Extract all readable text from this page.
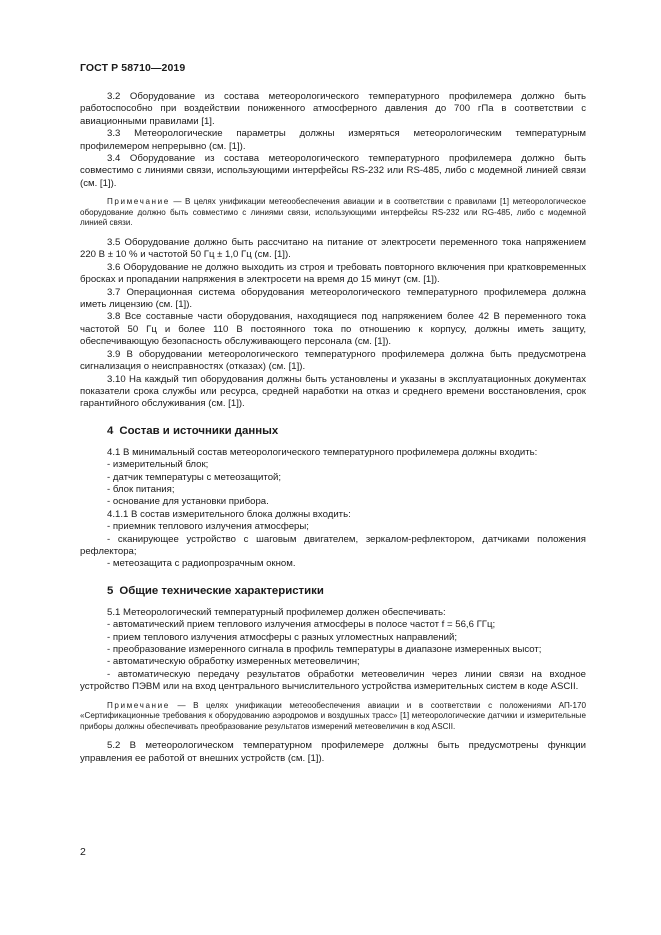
ГОСТ Р 58710—2019

3.2 Оборудование из состава метеорологического температурного профилемера должно быть работоспособно при воздействии пониженного атмосферного давления до 700 гПа в соответствии с авиационными правилами [1].

3.3 Метеорологические параметры должны измеряться метеорологическим температурным профилемером непрерывно (см. [1]).

3.4 Оборудование из состава метеорологического температурного профилемера должно быть совместимо с линиями связи, использующими интерфейсы RS-232 или RS-485, либо с модемной линией связи (см. [1]).

Примечание — В целях унификации метеообеспечения авиации и в соответствии с правилами [1] метеорологическое оборудование должно быть совместимо с линиями связи, использующими интерфейсы RS-232 или RG-485, либо с модемной линией связи.

3.5 Оборудование должно быть рассчитано на питание от электросети переменного тока напряжением 220 В ± 10 % и частотой 50 Гц ± 1,0 Гц (см. [1]).

3.6 Оборудование не должно выходить из строя и требовать повторного включения при кратковременных бросках и пропадании напряжения в электросети на время до 15 минут (см. [1]).

3.7 Операционная система оборудования метеорологического температурного профилемера должна иметь лицензию (см. [1]).

3.8 Все составные части оборудования, находящиеся под напряжением более 42 В переменного тока частотой 50 Гц и более 110 В постоянного тока по отношению к корпусу, должны иметь защиту, обеспечивающую безопасность обслуживающего персонала (см. [1]).

3.9 В оборудовании метеорологического температурного профилемера должна быть предусмотрена сигнализация о неисправностях (отказах) (см. [1]).

3.10 На каждый тип оборудования должны быть установлены и указаны в эксплуатационных документах показатели срока службы или ресурса, средней наработки на отказ и среднего времени восстановления, срок гарантийного обслуживания (см. [1]).

4 Состав и источники данных

4.1 В минимальный состав метеорологического температурного профилемера должны входить:

- измерительный блок;

- датчик температуры с метеозащитой;

- блок питания;

- основание для установки прибора.

4.1.1 В состав измерительного блока должны входить:

- приемник теплового излучения атмосферы;

- сканирующее устройство с шаговым двигателем, зеркалом-рефлектором, датчиками положения рефлектора;

- метеозащита с радиопрозрачным окном.

5 Общие технические характеристики

5.1 Метеорологический температурный профилемер должен обеспечивать:

- автоматический прием теплового излучения атмосферы в полосе частот f = 56,6 ГГц;

- прием теплового излучения атмосферы с разных угломестных направлений;

- преобразование измеренного сигнала в профиль температуры в диапазоне измеренных высот;

- автоматическую обработку измеренных метеовеличин;

- автоматическую передачу результатов обработки метеовеличин через линии связи на входное устройство ПЭВМ или на вход центрального вычислительного устройства измерительных систем в коде ASCII.

Примечание — В целях унификации метеообеспечения авиации и в соответствии с положениями АП-170 «Сертификационные требования к оборудованию аэродромов и воздушных трасс» [1] метеорологические датчики и измерительные приборы должны обеспечивать преобразование результатов измерений метеовеличин в код ASCII.

5.2 В метеорологическом температурном профилемере должны быть предусмотрены функции управления ее работой от внешних устройств (см. [1]).

2
